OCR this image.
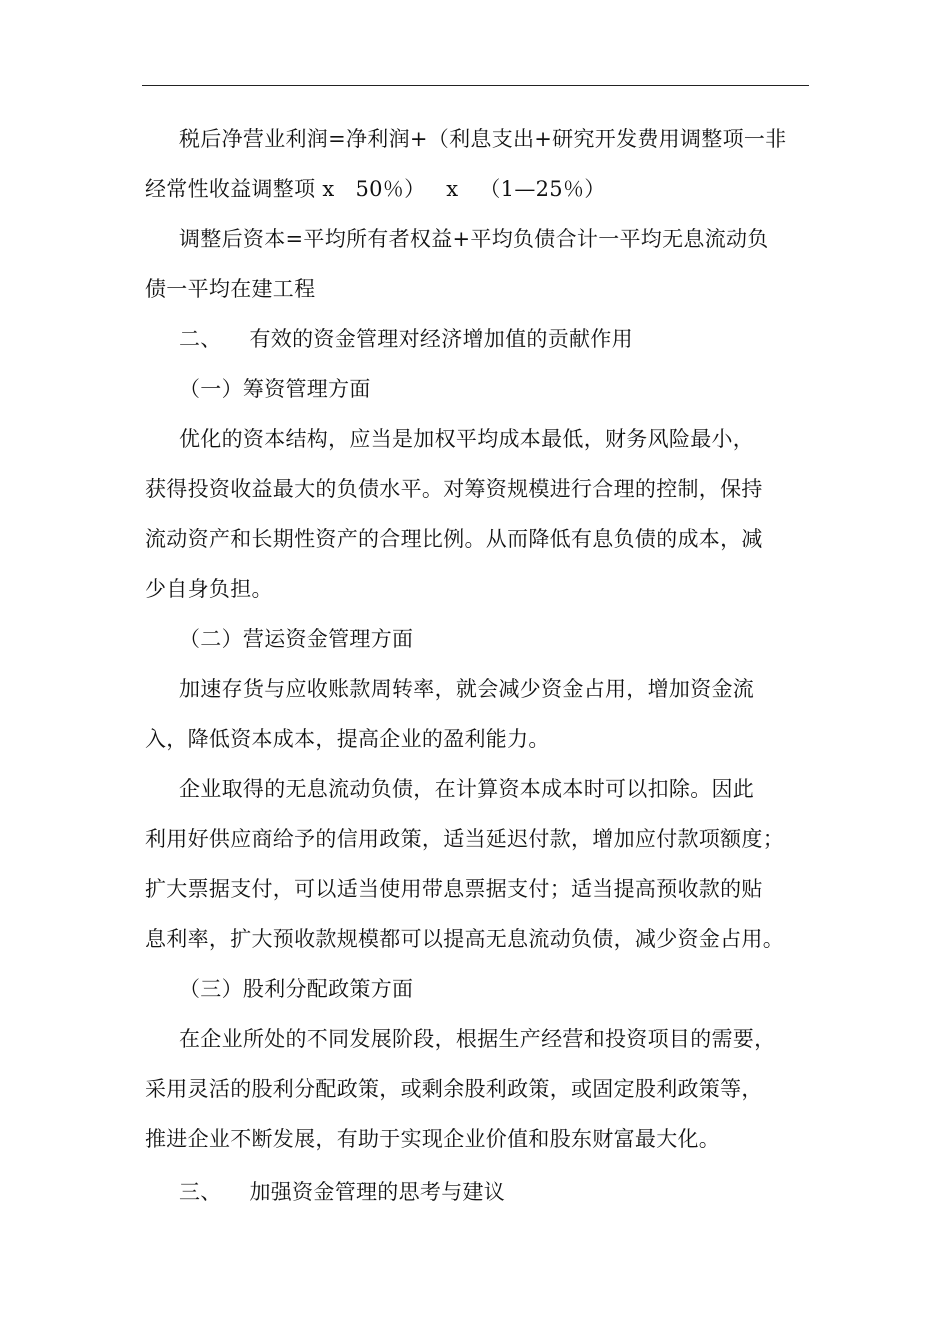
税后净营业利润=净利润+（利息支出+研究开发费用调整项一非
经常性收益调整项 x   50％）   x   （1—25％）
调整后资本=平均所有者权益+平均负债合计一平均无息流动负
债一平均在建工程
二、    有效的资金管理对经济增加值的贡献作用
（一）筹资管理方面
优化的资本结构，应当是加权平均成本最低，财务风险最小，
获得投资收益最大的负债水平。对筹资规模进行合理的控制，保持
流动资产和长期性资产的合理比例。从而降低有息负债的成本，减
少自身负担。
（二）营运资金管理方面
加速存货与应收账款周转率，就会减少资金占用，增加资金流
入，降低资本成本，提高企业的盈利能力。
企业取得的无息流动负债，在计算资本成本时可以扣除。因此
利用好供应商给予的信用政策，适当延迟付款，增加应付款项额度；
扩大票据支付，可以适当使用带息票据支付；适当提高预收款的贴
息利率，扩大预收款规模都可以提高无息流动负债，减少资金占用。
（三）股利分配政策方面
在企业所处的不同发展阶段，根据生产经营和投资项目的需要，
采用灵活的股利分配政策，或剩余股利政策，或固定股利政策等，
推进企业不断发展，有助于实现企业价值和股东财富最大化。
三、    加强资金管理的思考与建议
